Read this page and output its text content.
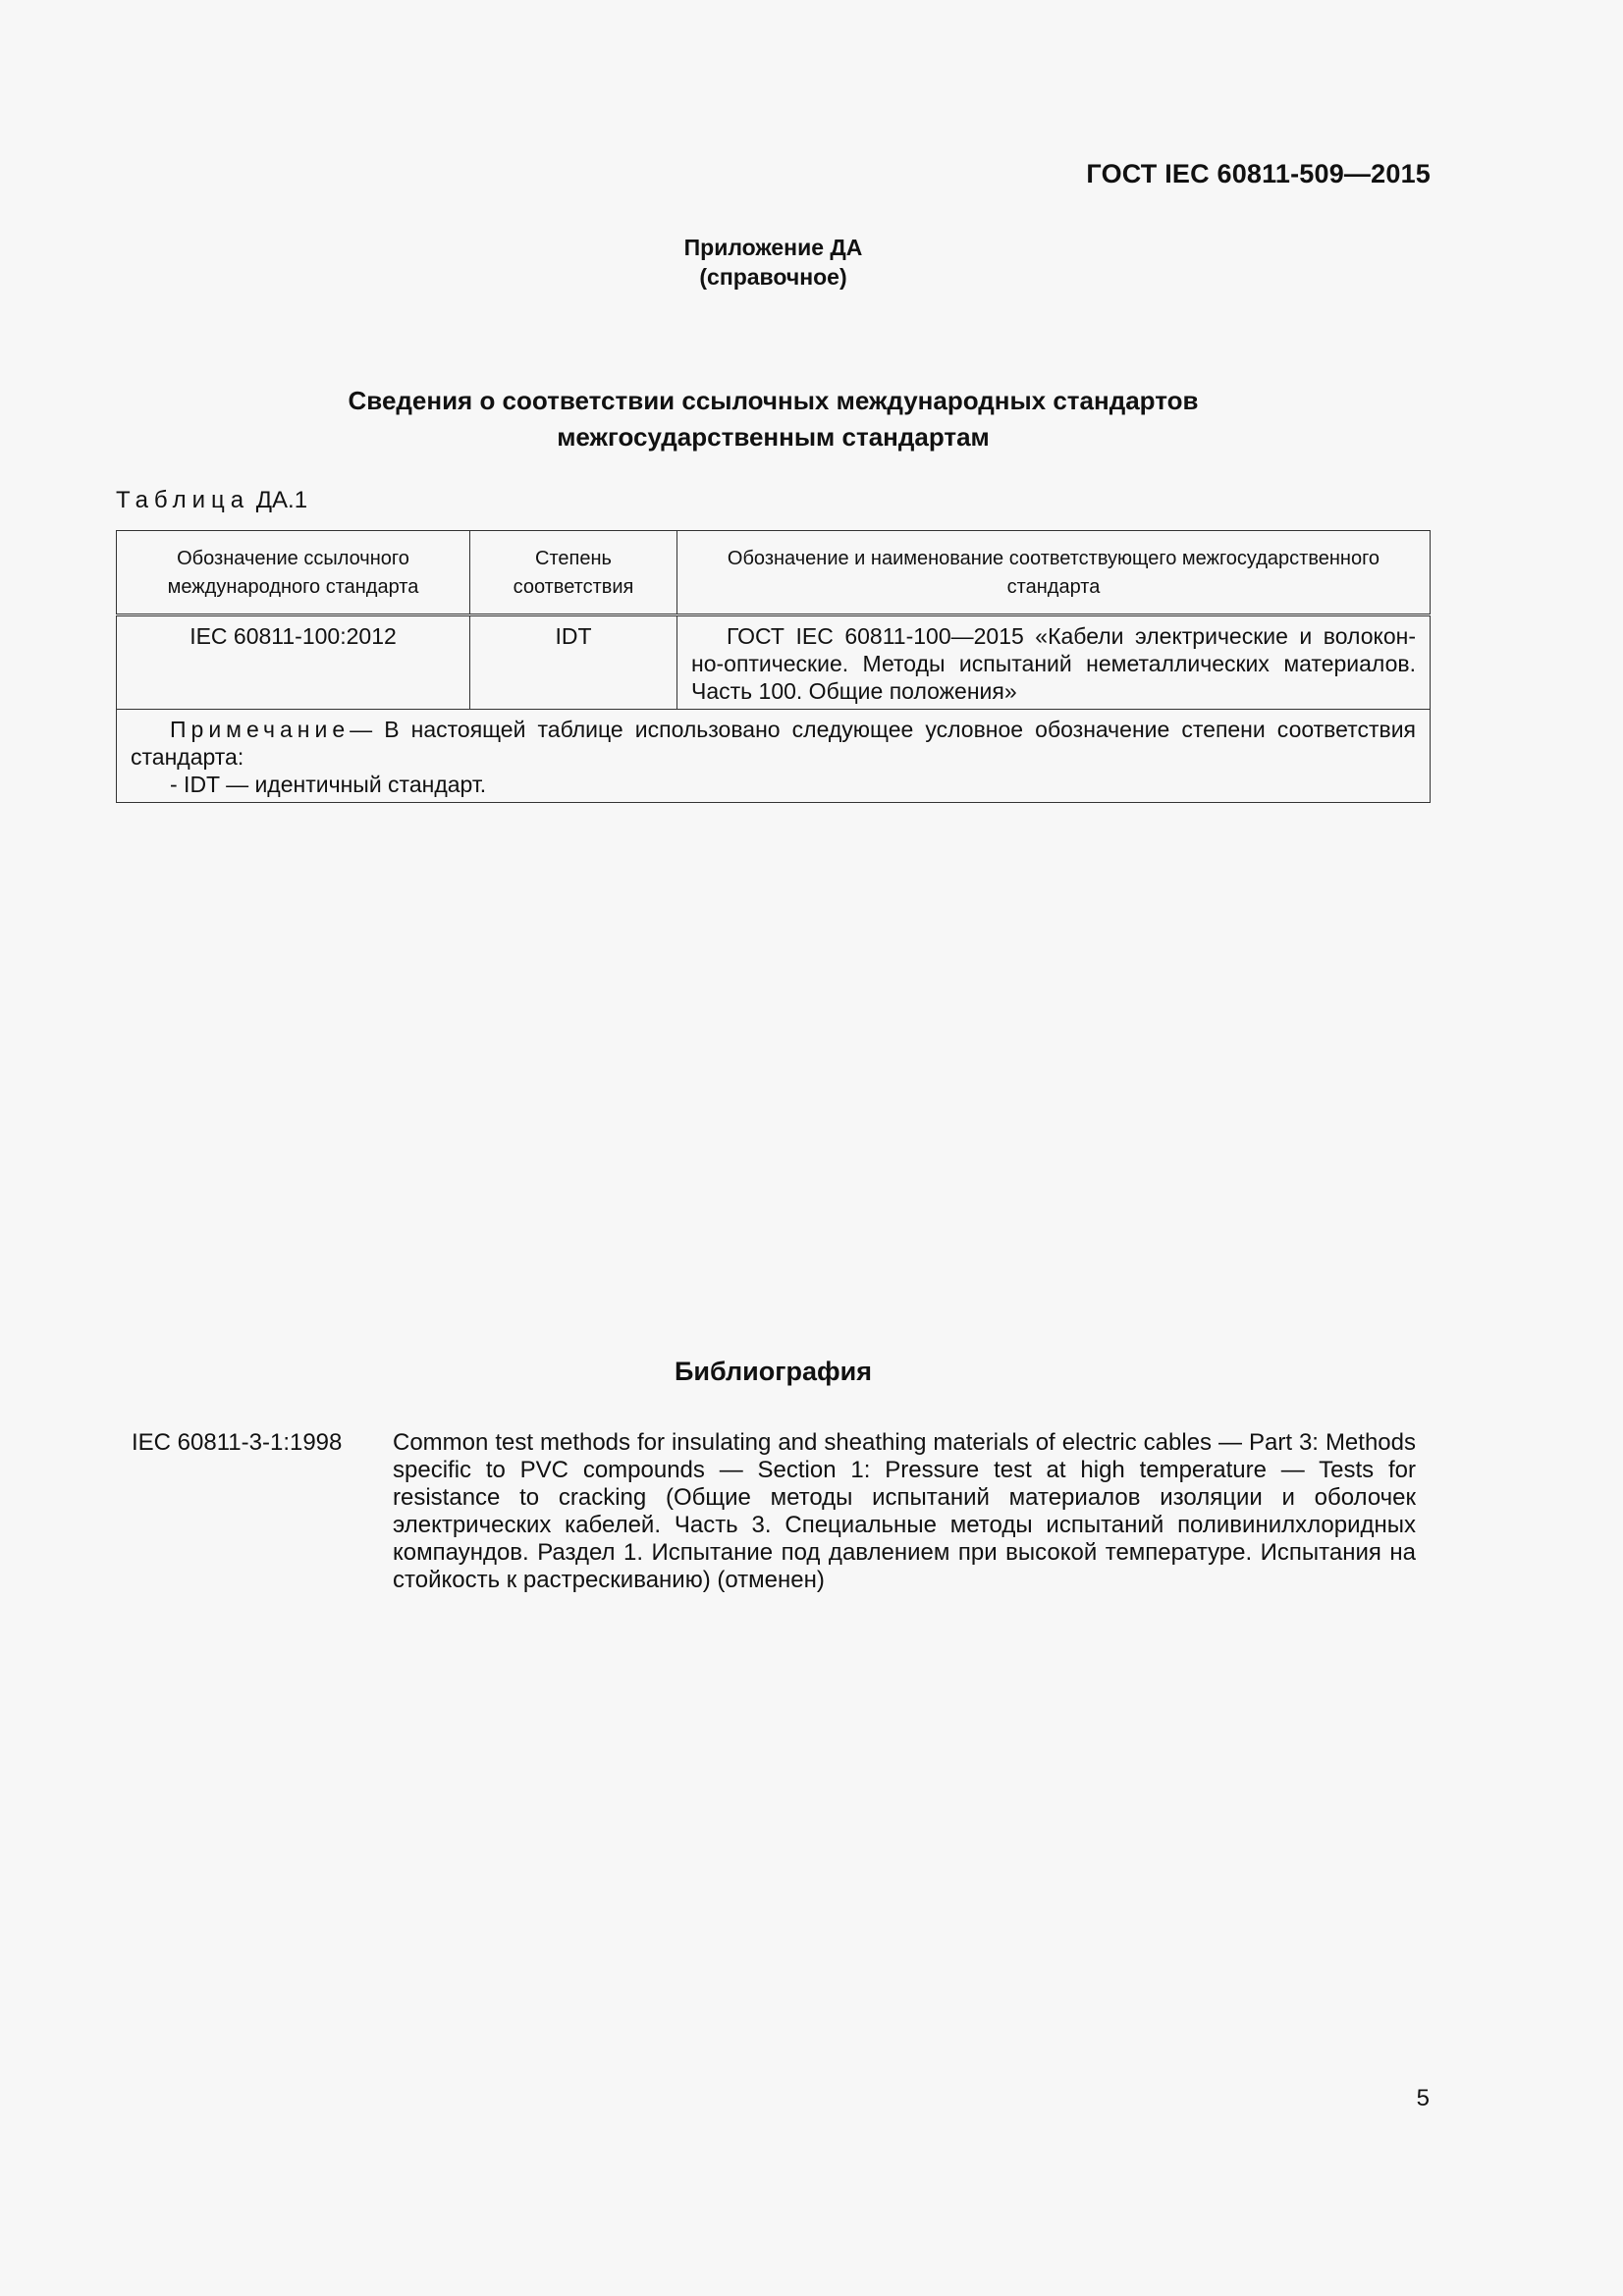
ГОСТ IEC 60811-509—2015
Приложение ДА
(справочное)
Сведения о соответствии ссылочных международных стандартов
межгосударственным стандартам
Таблица ДА.1
Обозначение ссылочного международного стандарта	Степень соответствия	Обозначение и наименование соответствующего межгосударственного стандарта
IEC 60811-100:2012	IDT	ГОСТ IEC 60811-100—2015 «Кабели электрические и волокон-но-оптические. Методы испытаний неметаллических материалов. Часть 100. Общие положения»

Примечание— В настоящей таблице использовано следующее условное обозначение степени соответствия стандарта:
- IDT — идентичный стандарт.		
Библиография
IEC 60811-3-1:1998 Common test methods for insulating and sheathing materials of electric cables — Part 3: Methods specific to PVC compounds — Section 1: Pressure test at high temperature — Tests for resistance to cracking (Общие методы испытаний материалов изоляции и оболочек электрических кабелей. Часть 3. Специальные методы испытаний поливинилхлоридных компаундов. Раздел 1. Испытание под давлением при высокой температуре. Испытания на стойкость к растрескиванию) (отменен)
5
